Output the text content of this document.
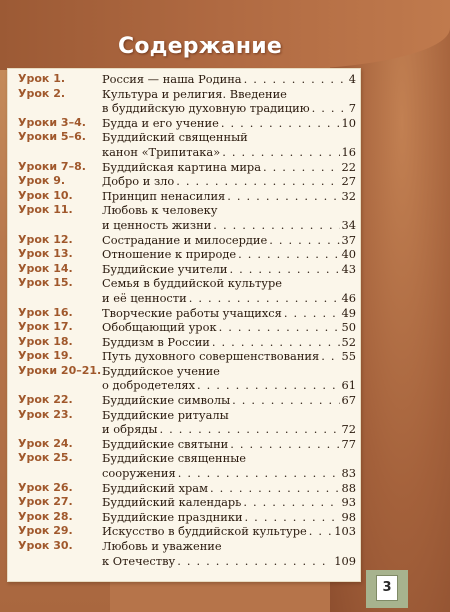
Содержание
Урок 1.	Россия — наша Родина . . .	4
Урок 2.	Культура и религия. Введение
в буддийскую духовную традицию . . .	7
Уроки 3–4.	Будда и его учение . . .	10
Уроки 5–6.	Буддийский священный
канон «Трипитака» . . .	16
Уроки 7–8.	Буддийская картина мира . . .	22
Урок 9.	Добро и зло . . .	27
Урок 10.	Принцип ненасилия . . .	32
Урок 11.	Любовь к человеку
и ценность жизни . . .	34
Урок 12.	Сострадание и милосердие . . .	37
Урок 13.	Отношение к природе . . .	40
Урок 14.	Буддийские учители . . .	43
Урок 15.	Семья в буддийской культуре
и её ценности . . .	46
Урок 16.	Творческие работы учащихся . . .	49
Урок 17.	Обобщающий урок . . .	50
Урок 18.	Буддизм в России . . .	52
Урок 19.	Путь духовного совершенствования . . . 55
Уроки 20–21. Буддийское учение
о добродетелях . . .	61
Урок 22.	Буддийские символы . . .	67
Урок 23.	Буддийские ритуалы
и обряды . . .	72
Урок 24.	Буддийские святыни . . .	77
Урок 25.	Буддийские священные
сооружения . . .	83
Урок 26.	Буддийский храм . . .	88
Урок 27.	Буддийский календарь . . .	93
Урок 28.	Буддийские праздники . . .	98
Урок 29.	Искусство в буддийской культуре . . . 103
Урок 30.	Любовь и уважение
к Отечеству . . .	109
3
